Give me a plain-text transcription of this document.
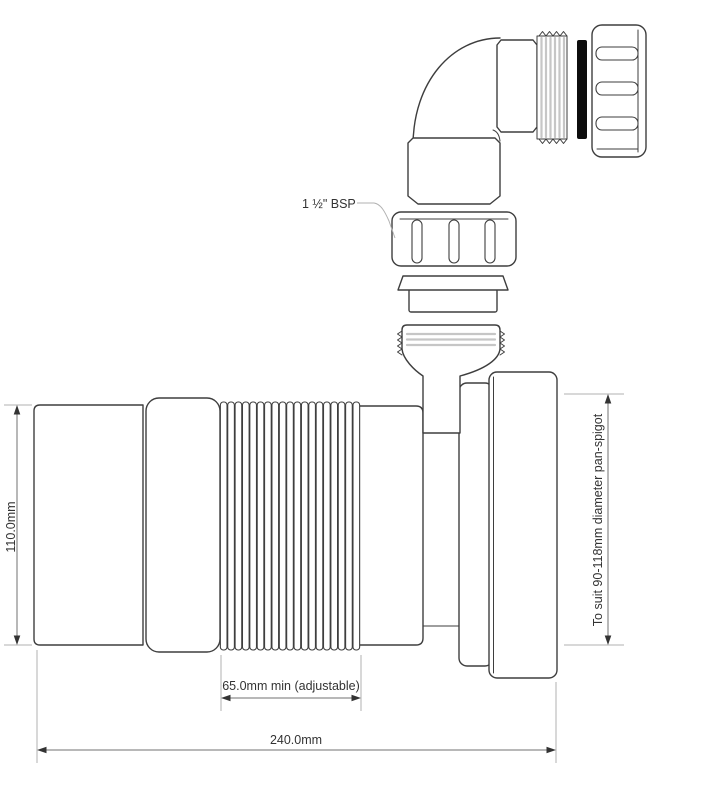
1 ½" BSP
110.0mm
65.0mm min (adjustable)
240.0mm
To suit 90-118mm diameter pan-spigot
